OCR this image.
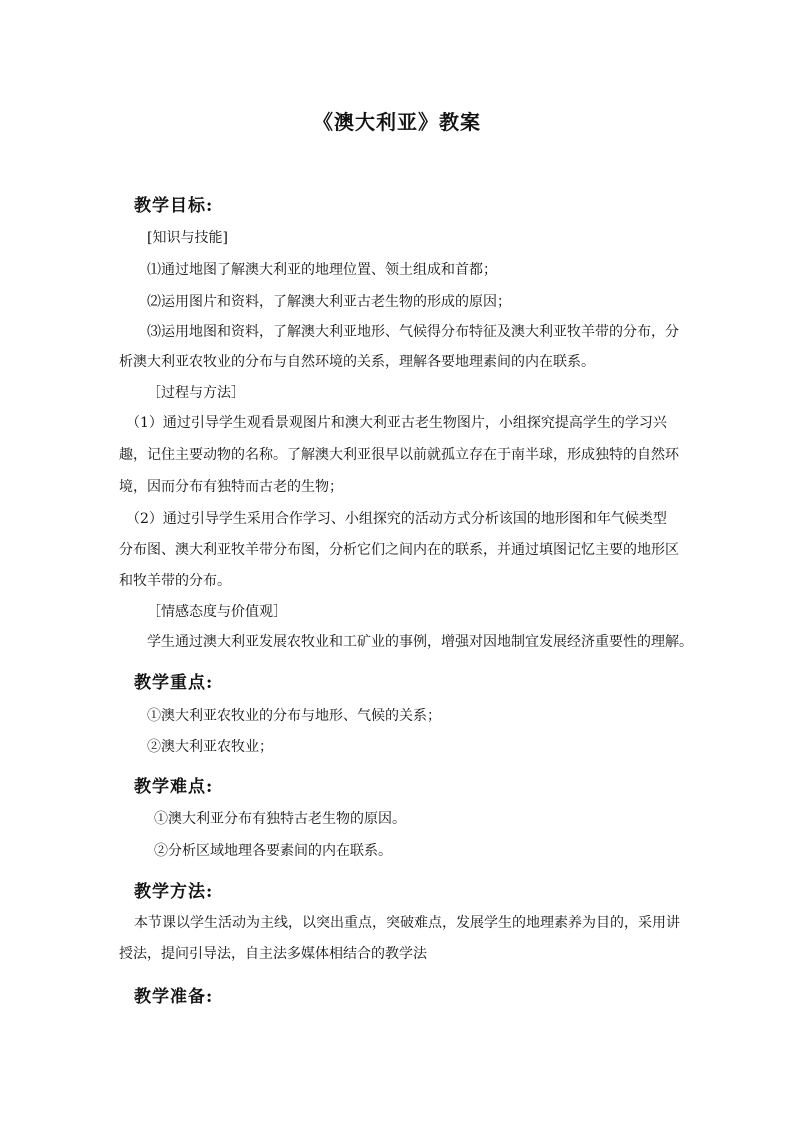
《澳大利亚》教案
教学目标:
[知识与技能]
⑴通过地图了解澳大利亚的地理位置、领土组成和首都；
⑵运用图片和资料，了解澳大利亚古老生物的形成的原因；
⑶运用地图和资料，了解澳大利亚地形、气候得分布特征及澳大利亚牧羊带的分布，分
析澳大利亚农牧业的分布与自然环境的关系，理解各要地理素间的内在联系。
［过程与方法］
（1）通过引导学生观看景观图片和澳大利亚古老生物图片，小组探究提高学生的学习兴
趣，记住主要动物的名称。了解澳大利亚很早以前就孤立存在于南半球，形成独特的自然环
境，因而分布有独特而古老的生物；
（2）通过引导学生采用合作学习、小组探究的活动方式分析该国的地形图和年气候类型
分布图、澳大利亚牧羊带分布图，分析它们之间内在的联系，并通过填图记忆主要的地形区
和牧羊带的分布。
［情感态度与价值观］
学生通过澳大利亚发展农牧业和工矿业的事例，增强对因地制宜发展经济重要性的理解。
教学重点:
①澳大利亚农牧业的分布与地形、气候的关系；
②澳大利亚农牧业；
教学难点:
①澳大利亚分布有独特古老生物的原因。
②分析区域地理各要素间的内在联系。
教学方法:
本节课以学生活动为主线，以突出重点，突破难点，发展学生的地理素养为目的，采用讲
授法，提问引导法，自主法多媒体相结合的教学法
教学准备:
